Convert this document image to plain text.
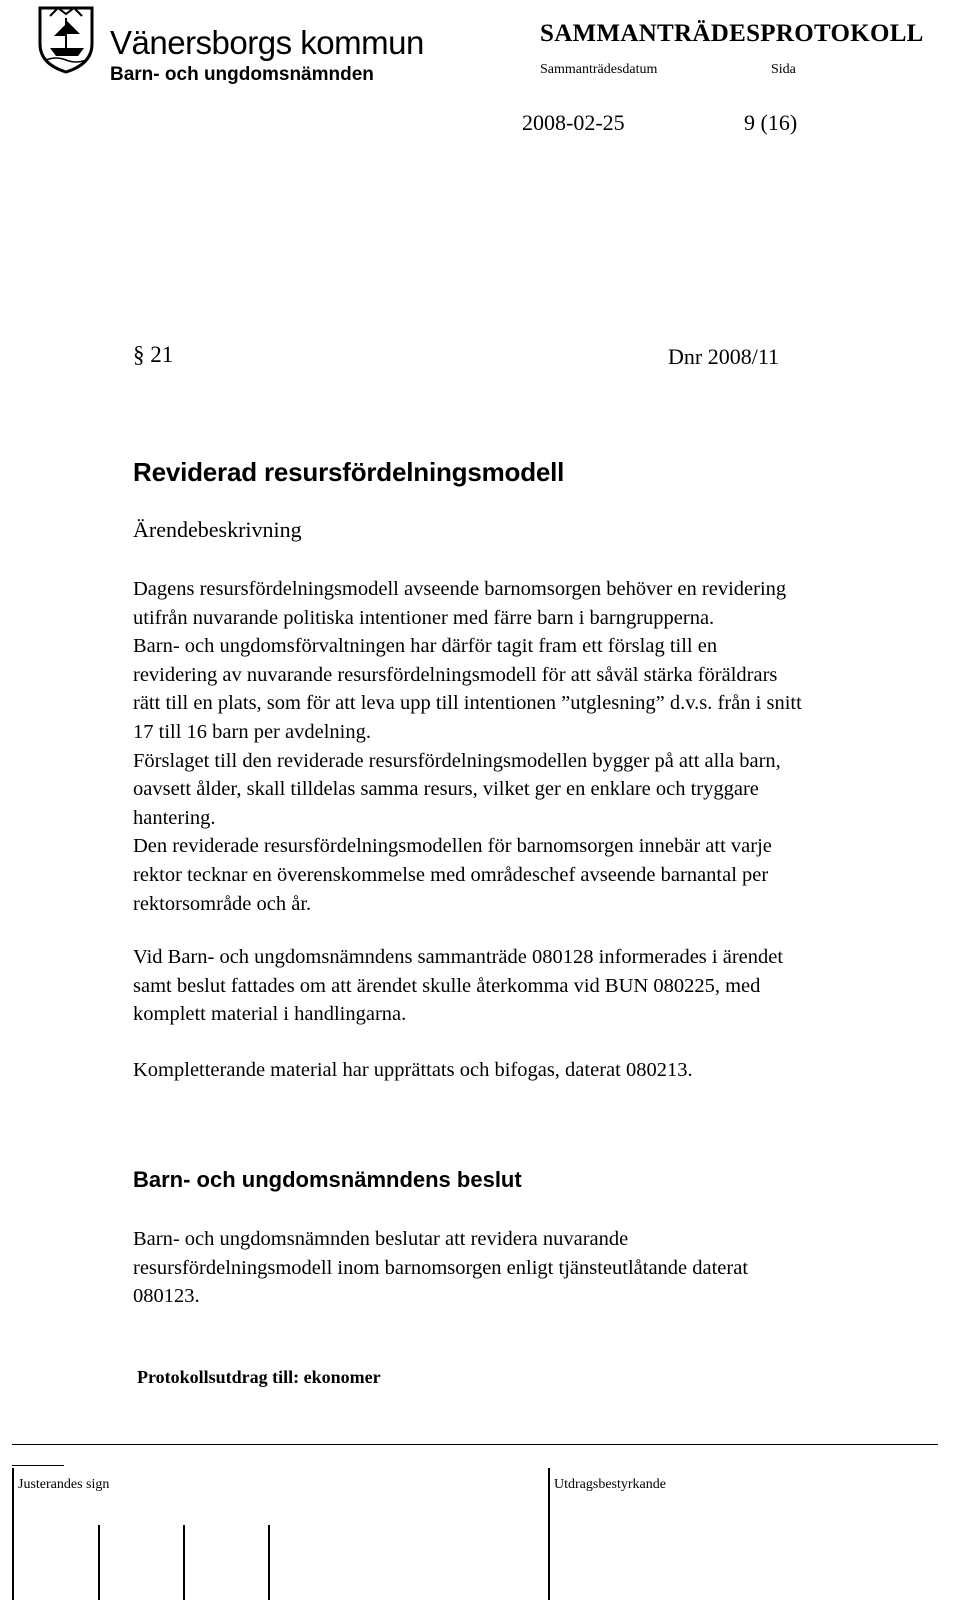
Vänersborgs kommun
Barn- och ungdomsnämnden
SAMMANTRÄDESPROTOKOLL
Sammanträdesdatum	Sida
2008-02-25	9 (16)
§ 21	Dnr 2008/11
Reviderad resursfördelningsmodell
Ärendebeskrivning

Dagens resursfördelningsmodell avseende barnomsorgen behöver en revidering

utifrån nuvarande politiska intentioner med färre barn i barngrupperna.

Barn- och ungdomsförvaltningen har därför tagit fram ett förslag till en

revidering av nuvarande resursfördelningsmodell för att såväl stärka föräldrars

rätt till en plats, som för att leva upp till intentionen ”utglesning” d.v.s. från i snitt

17 till 16 barn per avdelning.

Förslaget till den reviderade resursfördelningsmodellen bygger på att alla barn,

oavsett ålder, skall tilldelas samma resurs, vilket ger en enklare och tryggare

hantering.

Den reviderade resursfördelningsmodellen för barnomsorgen innebär att varje

rektor tecknar en överenskommelse med områdeschef avseende barnantal per

rektorsområde och år.

Vid Barn- och ungdomsnämndens sammanträde 080128 informerades i ärendet

samt beslut fattades om att ärendet skulle återkomma vid BUN 080225, med

komplett material i handlingarna.

Kompletterande material har upprättats och bifogas, daterat 080213.

Barn- och ungdomsnämndens beslut

Barn- och ungdomsnämnden beslutar att revidera nuvarande

resursfördelningsmodell inom barnomsorgen enligt tjänsteutlåtande daterat

080123.

Protokollsutdrag till: ekonomer
Justerandes sign	Utdragsbestyrkande
